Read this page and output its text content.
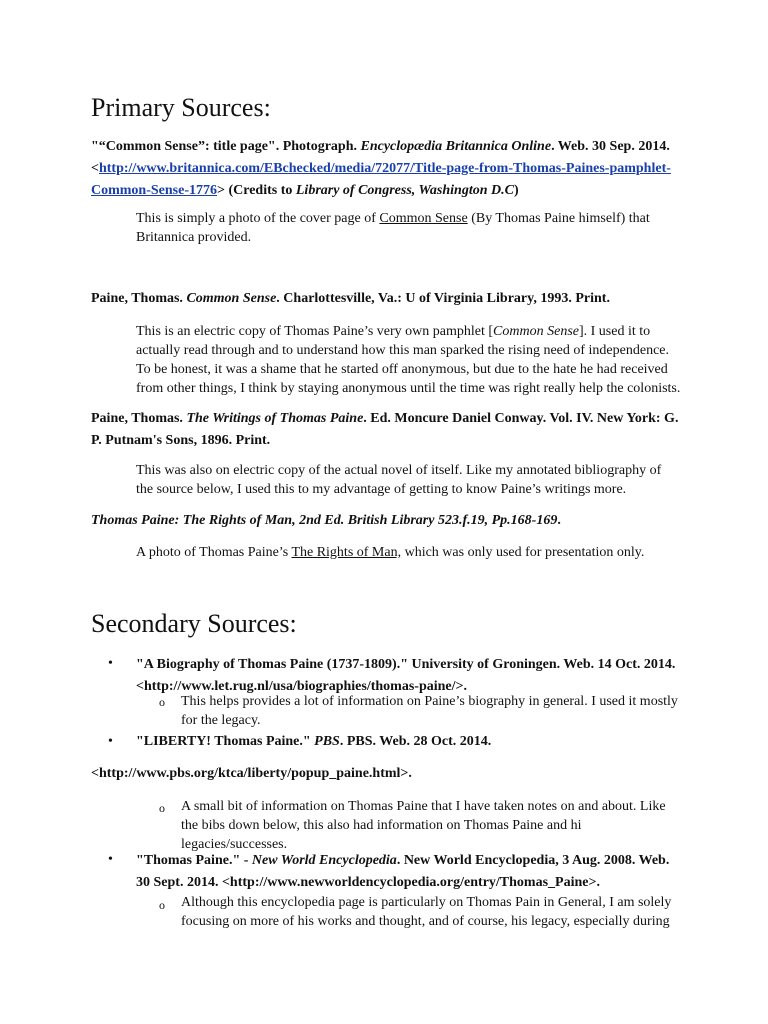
Primary Sources:
"“Common Sense”: title page". Photograph. Encyclopædia Britannica Online. Web. 30 Sep. 2014.
<http://www.britannica.com/EBchecked/media/72077/Title-page-from-Thomas-Paines-pamphlet-
Common-Sense-1776> (Credits to Library of Congress, Washington D.C)
This is simply a photo of the cover page of Common Sense (By Thomas Paine himself) that Britannica provided.
Paine, Thomas. Common Sense. Charlottesville, Va.: U of Virginia Library, 1993. Print.
This is an electric copy of Thomas Paine’s very own pamphlet [Common Sense]. I used it to actually read through and to understand how this man sparked the rising need of independence. To be honest, it was a shame that he started off anonymous, but due to the hate he had received from other things, I think by staying anonymous until the time was right really help the colonists.
Paine, Thomas. The Writings of Thomas Paine. Ed. Moncure Daniel Conway. Vol. IV. New York: G. P. Putnam's Sons, 1896. Print.
This was also on electric copy of the actual novel of itself. Like my annotated bibliography of the source below, I used this to my advantage of getting to know Paine’s writings more.
Thomas Paine: The Rights of Man, 2nd Ed. British Library 523.f.19, Pp.168-169.
A photo of Thomas Paine’s The Rights of Man, which was only used for presentation only.
Secondary Sources:
• "A Biography of Thomas Paine (1737-1809)." University of Groningen. Web. 14 Oct. 2014. <http://www.let.rug.nl/usa/biographies/thomas-paine/>.
o This helps provides a lot of information on Paine’s biography in general. I used it mostly for the legacy.
• "LIBERTY! Thomas Paine." PBS. PBS. Web. 28 Oct. 2014.
<http://www.pbs.org/ktca/liberty/popup_paine.html>.
o A small bit of information on Thomas Paine that I have taken notes on and about. Like the bibs down below, this also had information on Thomas Paine and hi legacies/successes.
• "Thomas Paine." - New World Encyclopedia. New World Encyclopedia, 3 Aug. 2008. Web. 30 Sept. 2014. <http://www.newworldencyclopedia.org/entry/Thomas_Paine>.
o Although this encyclopedia page is particularly on Thomas Pain in General, I am solely focusing on more of his works and thought, and of course, his legacy, especially during
